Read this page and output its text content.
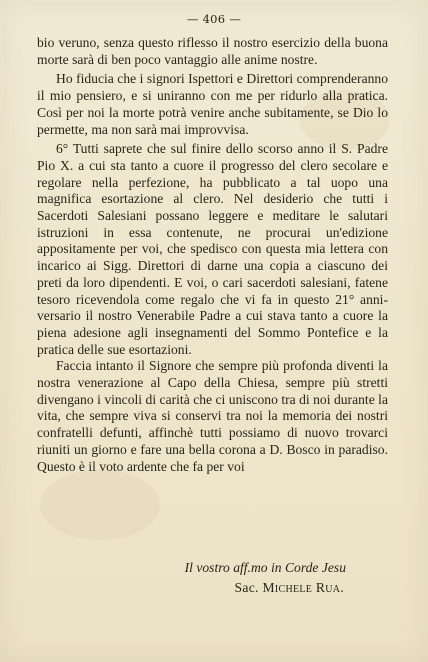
— 406 —

bio veruno, senza questo riflesso il nostro esercizio della buona morte sarà di ben poco vantaggio alle anime nostre.

Ho fiducia che i signori Ispettori e Direttori comprenderanno il mio pensiero, e si uniranno con me per ridurlo alla pratica. Così per noi la morte potrà venire anche subitamente, se Dio lo permette, ma non sarà mai improvvisa.

6° Tutti saprete che sul finire dello scorso anno il S. Padre Pio X. a cui sta tanto a cuore il progresso del clero secolare e regolare nella perfezione, ha pubblicato a tal uopo una magnifica esortazione al clero. Nel desiderio che tutti i Sacerdoti Salesiani possano leggere e meditare le salutari istruzioni in essa contenute, ne procurai un'edizione appositamente per voi, che spedisco con questa mia lettera con incarico ai Sigg. Direttori di darne una copia a ciascuno dei preti da loro dipendenti. E voi, o cari sacerdoti salesiani, fatene tesoro ricevendola come regalo che vi fa in questo 21° anniversario il nostro Venerabile Padre a cui stava tanto a cuore la piena adesione agli insegnamenti del Sommo Pontefice e la pratica delle sue esortazioni.

Faccia intanto il Signore che sempre più profonda diventi la nostra venerazione al Capo della Chiesa, sempre più stretti divengano i vincoli di carità che ci uniscono tra di noi durante la vita, che sempre viva si conservi tra noi la memoria dei nostri confratelli defunti, affinchè tutti possiamo di nuovo trovarci riuniti un giorno e fare una bella corona a D. Bosco in paradiso. Questo è il voto ardente che fa per voi

Il vostro aff.mo in Corde Jesu
Sac. Michele Rua.
